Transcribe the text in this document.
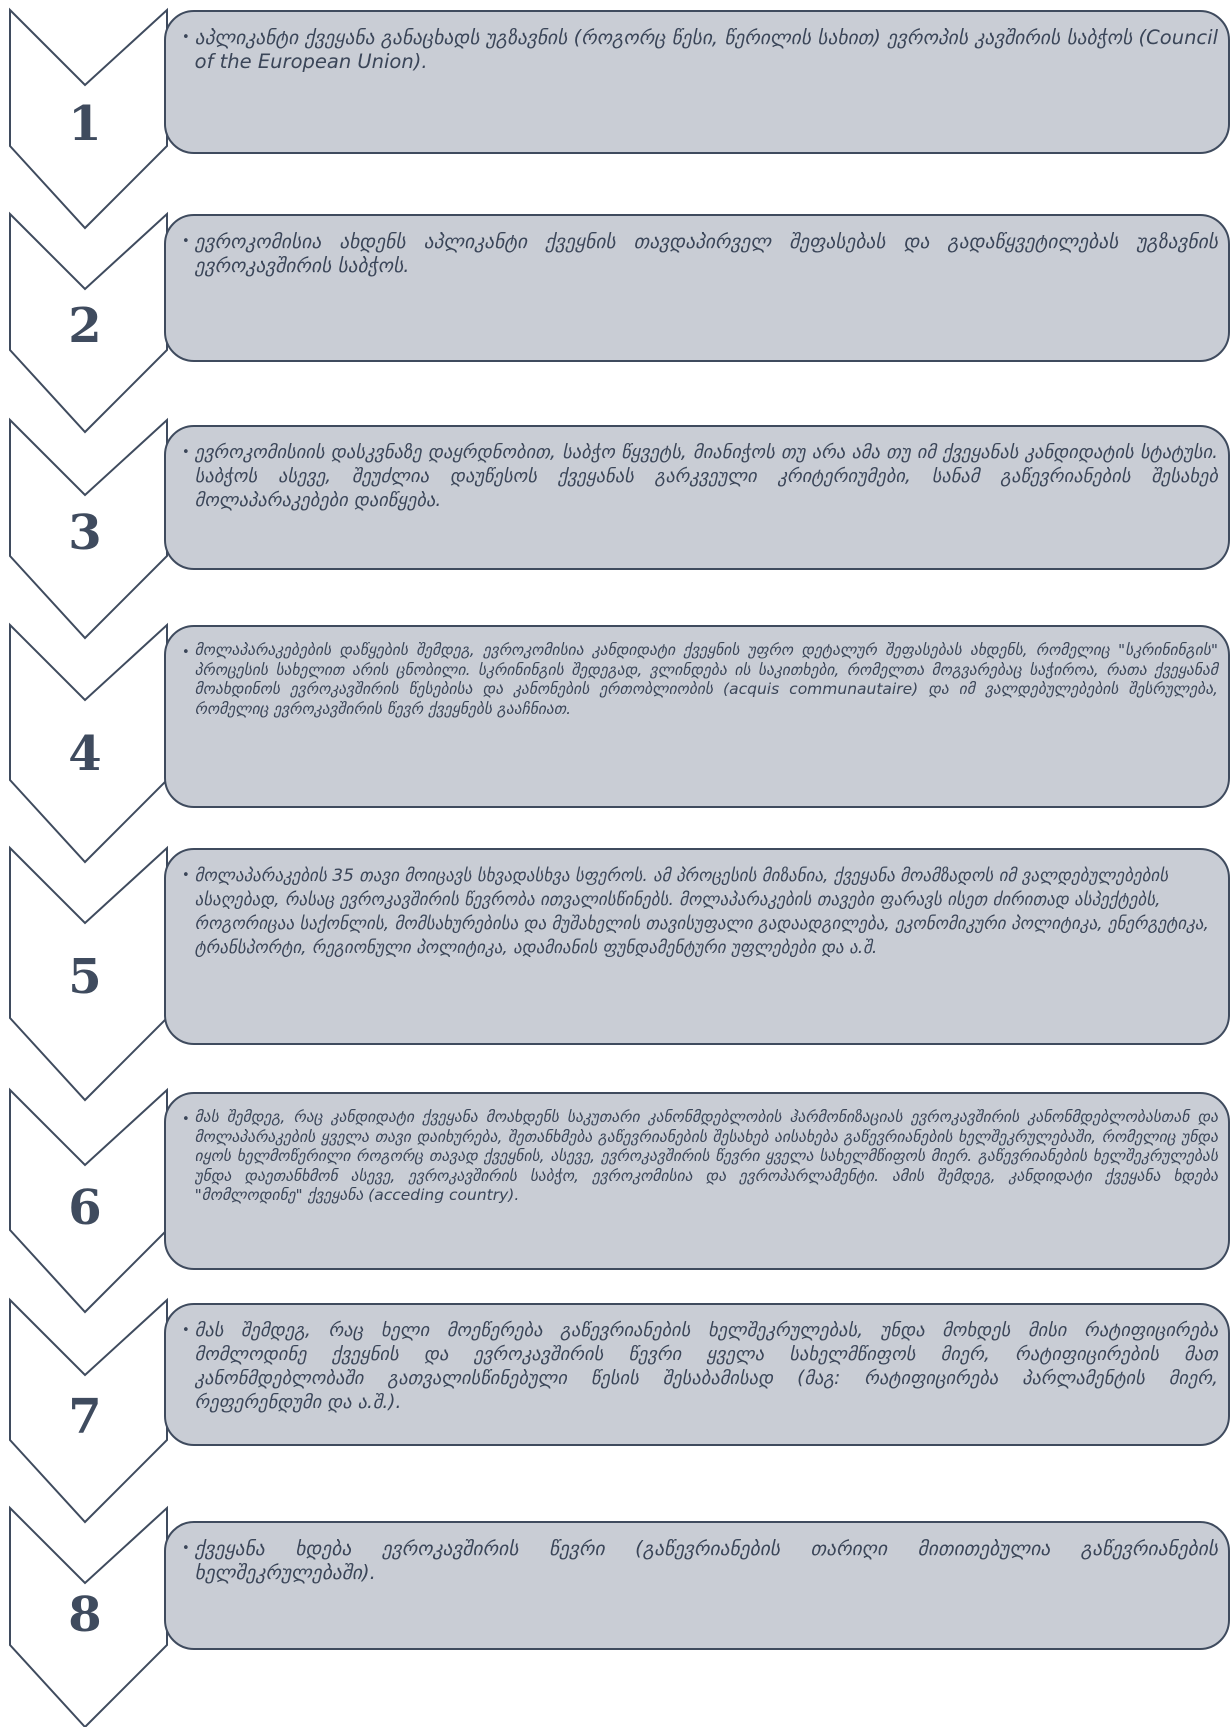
• აპლიკანტი ქვეყანა განაცხადს უგზავნის (როგორც წესი, წერილის სახით) ევროპის კავშირის საბჭოს (Council of the European Union).
1
• ევროკომისია ახდენს აპლიკანტი ქვეყნის თავდაპირველ შეფასებას და გადაწყვეტილებას უგზავნის ევროკავშირის საბჭოს.
2
• ევროკომისიის დასკვნაზე დაყრდნობით, საბჭო წყვეტს, მიანიჭოს თუ არა ამა თუ იმ ქვეყანას კანდიდატის სტატუსი. საბჭოს ასევე, შეუძლია დაუწესოს ქვეყანას გარკვეული კრიტერიუმები, სანამ გაწევრიანების შესახებ მოლაპარაკებები დაიწყება.
3
• მოლაპარაკებების დაწყების შემდეგ, ევროკომისია კანდიდატი ქვეყნის უფრო დეტალურ შეფასებას ახდენს, რომელიც "სკრინინგის" პროცესის სახელით არის ცნობილი. სკრინინგის შედეგად, ვლინდება ის საკითხები, რომელთა მოგვარებაც საჭიროა, რათა ქვეყანამ მოახდინოს ევროკავშირის წესებისა და კანონების ერთობლიობის (acquis communautaire) და იმ ვალდებულებების შესრულება, რომელიც ევროკავშირის წევრ ქვეყნებს გააჩნიათ.
4
• მოლაპარაკების 35 თავი მოიცავს სხვადასხვა სფეროს. ამ პროცესის მიზანია, ქვეყანა მოამზადოს იმ ვალდებულებების ასაღებად, რასაც ევროკავშირის წევრობა ითვალისწინებს. მოლაპარაკების თავები ფარავს ისეთ ძირითად ასპექტებს, როგორიცაა საქონლის, მომსახურებისა და მუშახელის თავისუფალი გადაადგილება, ეკონომიკური პოლიტიკა, ენერგეტიკა, ტრანსპორტი, რეგიონული პოლიტიკა, ადამიანის ფუნდამენტური უფლებები და ა.შ.
5
• მას შემდეგ, რაც კანდიდატი ქვეყანა მოახდენს საკუთარი კანონმდებლობის ჰარმონიზაციას ევროკავშირის კანონმდებლობასთან და მოლაპარაკების ყველა თავი დაიხურება, შეთანხმება გაწევრიანების შესახებ აისახება გაწევრიანების ხელშეკრულებაში, რომელიც უნდა იყოს ხელმოწერილი როგორც თავად ქვეყნის, ასევე, ევროკავშირის წევრი ყველა სახელმწიფოს მიერ. გაწევრიანების ხელშეკრულებას უნდა დაეთანხმონ ასევე, ევროკავშირის საბჭო, ევროკომისია და ევროპარლამენტი. ამის შემდეგ, კანდიდატი ქვეყანა ხდება "მომლოდინე" ქვეყანა (acceding country).
6
• მას შემდეგ, რაც ხელი მოეწერება გაწევრიანების ხელშეკრულებას, უნდა მოხდეს მისი რატიფიცირება მომლოდინე ქვეყნის და ევროკავშირის წევრი ყველა სახელმწიფოს მიერ, რატიფიცირების მათ კანონმდებლობაში გათვალისწინებული წესის შესაბამისად (მაგ: რატიფიცირება პარლამენტის მიერ, რეფერენდუმი და ა.შ.).
7
• ქვეყანა ხდება ევროკავშირის წევრი (გაწევრიანების თარიღი მითითებულია გაწევრიანების ხელშეკრულებაში).
8
